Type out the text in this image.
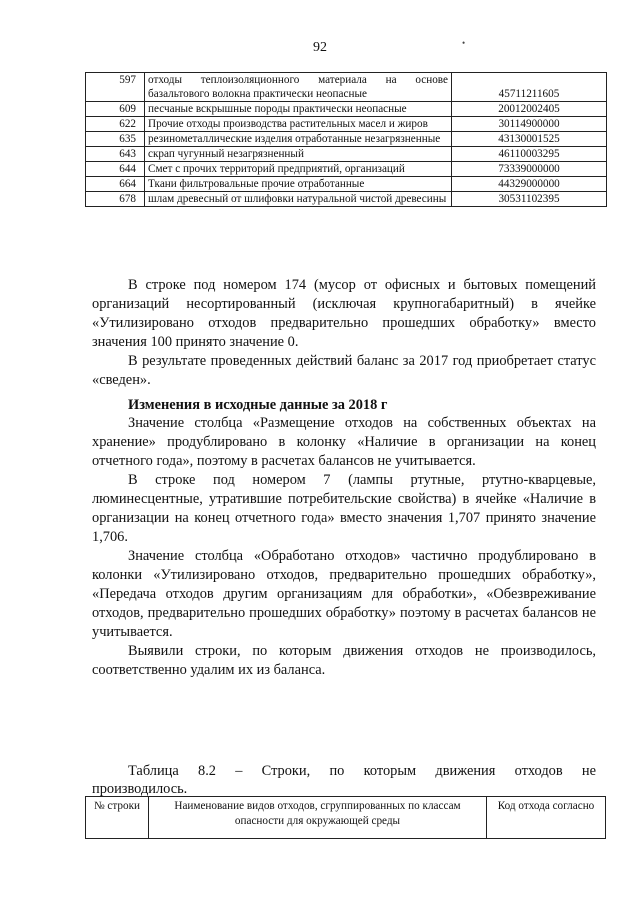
92	•
597	отходы теплоизоляционного материала на основе базальтового волокна практически неопасные	45711211605
609	песчаные вскрышные породы практически неопасные	20012002405
622	Прочие отходы производства растительных масел и жиров	30114900000
635	резинометаллические изделия отработанные незагрязненные	43130001525
643	скрап чугунный незагрязненный	46110003295
644	Смет с прочих территорий предприятий, организаций	73339000000
664	Ткани фильтровальные прочие отработанные	44329000000
678	шлам древесный от шлифовки натуральной чистой древесины	30531102395

В строке под номером 174 (мусор от офисных и бытовых помещений организаций несортированный (исключая крупногабаритный) в ячейке «Утилизировано отходов предварительно прошедших обработку» вместо значения 100 принято значение 0.

В результате проведенных действий баланс за 2017 год приобретает статус «сведен».

Изменения в исходные данные за 2018 г

Значение столбца «Размещение отходов на собственных объектах на хранение» продублировано в колонку «Наличие в организации на конец отчетного года», поэтому в расчетах балансов не учитывается.

В строке под номером 7 (лампы ртутные, ртутно-кварцевые, люминесцентные, утратившие потребительские свойства) в ячейке «Наличие в организации на конец отчетного года» вместо значения 1,707 принято значение 1,706.

Значение столбца «Обработано отходов» частично продублировано в колонки «Утилизировано отходов, предварительно прошедших обработку», «Передача отходов другим организациям для обработки», «Обезвреживание отходов, предварительно прошедших обработку» поэтому в расчетах балансов не учитывается.

Выявили строки, по которым движения отходов не производилось, соответственно удалим их из баланса.

Таблица 8.2 – Строки, по которым движения отходов не
производилось.
№ строки	Наименование видов отходов, сгруппированных по классам опасности для окружающей среды	Код отхода согласно
